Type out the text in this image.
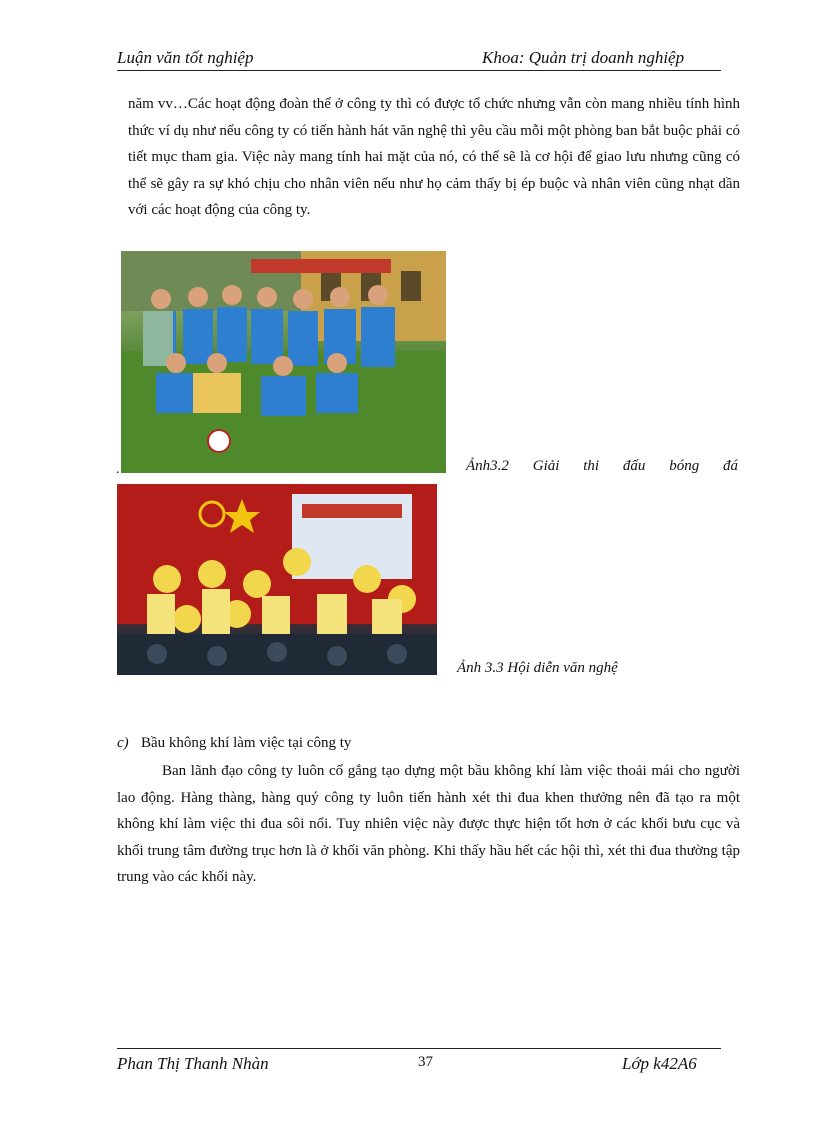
Luận văn tốt nghiệp	Khoa: Quản trị doanh nghiệp
năm vv…Các hoạt động đoàn thể ở công ty thì có được tổ chức nhưng vẫn còn mang nhiều tính hình thức ví dụ như nếu công ty có tiến hành hát văn nghệ thì yêu cầu mỗi một phòng ban bắt buộc phải có tiết mục tham gia. Việc này mang tính hai mặt của nó, có thể sẽ là cơ hội để giao lưu nhưng cũng có thể sẽ gây ra sự khó chịu cho nhân viên nếu như họ cảm thấy bị ép buộc và nhân viên cũng nhạt dần với các hoạt động của công ty.
.	Ảnh3.2 Giải thi đấu bóng đá
Ảnh 3.3 Hội diễn văn nghệ
c) Bầu không khí làm việc tại công ty
Ban lãnh đạo công ty luôn cố gắng tạo dựng một bầu không khí làm việc thoải mái cho người lao động. Hàng thàng, hàng quý công ty luôn tiến hành xét thi đua khen thưởng nên đã tạo ra một không khí làm việc thi đua sôi nổi. Tuy nhiên việc này được thực hiện tốt hơn ở các khối bưu cục và khối trung tâm đường trục hơn là ở khối văn phòng. Khi thấy hầu hết các hội thì, xét thi đua thường tập trung vào các khối này.
Phan Thị Thanh Nhàn	37	Lớp k42A6
